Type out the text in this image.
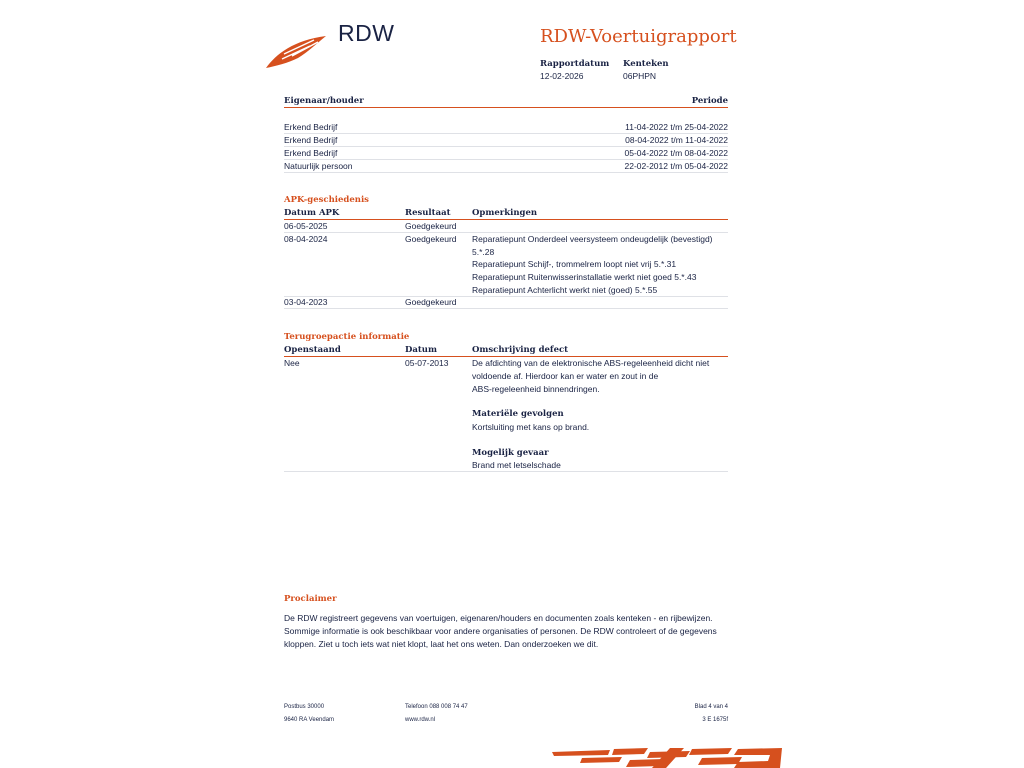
RDW	RDW-Voertuigrapport
Rapportdatum
12-02-2026
Kenteken
06PHPN
Eigenaar/houder	Periode
Erkend Bedrijf	11-04-2022 t/m 25-04-2022
Erkend Bedrijf	08-04-2022 t/m 11-04-2022
Erkend Bedrijf	05-04-2022 t/m 08-04-2022
Natuurlijk persoon	22-02-2012 t/m 05-04-2022
APK-geschiedenis
Datum APK	Resultaat	Opmerkingen
06-05-2025	Goedgekeurd
08-04-2024	Goedgekeurd Reparatiepunt Onderdeel veersysteem ondeugdelijk (bevestigd)
5.*.28
Reparatiepunt Schijf-, trommelrem loopt niet vrij 5.*.31
Reparatiepunt Ruitenwisserinstallatie werkt niet goed 5.*.43
Reparatiepunt Achterlicht werkt niet (goed) 5.*.55
03-04-2023	Goedgekeurd
Terugroepactie informatie
Openstaand	Datum	Omschrijving defect
Nee	05-07-2013	De afdichting van de elektronische ABS-regeleenheid dicht niet
voldoende af. Hierdoor kan er water en zout in de
ABS-regeleenheid binnendringen.
Materiële gevolgen
Kortsluiting met kans op brand.
Mogelijk gevaar
Brand met letselschade
Proclaimer
De RDW registreert gegevens van voertuigen, eigenaren/houders en documenten zoals kenteken - en rijbewijzen.
Sommige informatie is ook beschikbaar voor andere organisaties of personen. De RDW controleert of de gegevens
kloppen. Ziet u toch iets wat niet klopt, laat het ons weten. Dan onderzoeken we dit.
Postbus 30000
9640 RA Veendam
Telefoon 088 008 74 47
www.rdw.nl
Blad 4 van 4
3 E 1675f
